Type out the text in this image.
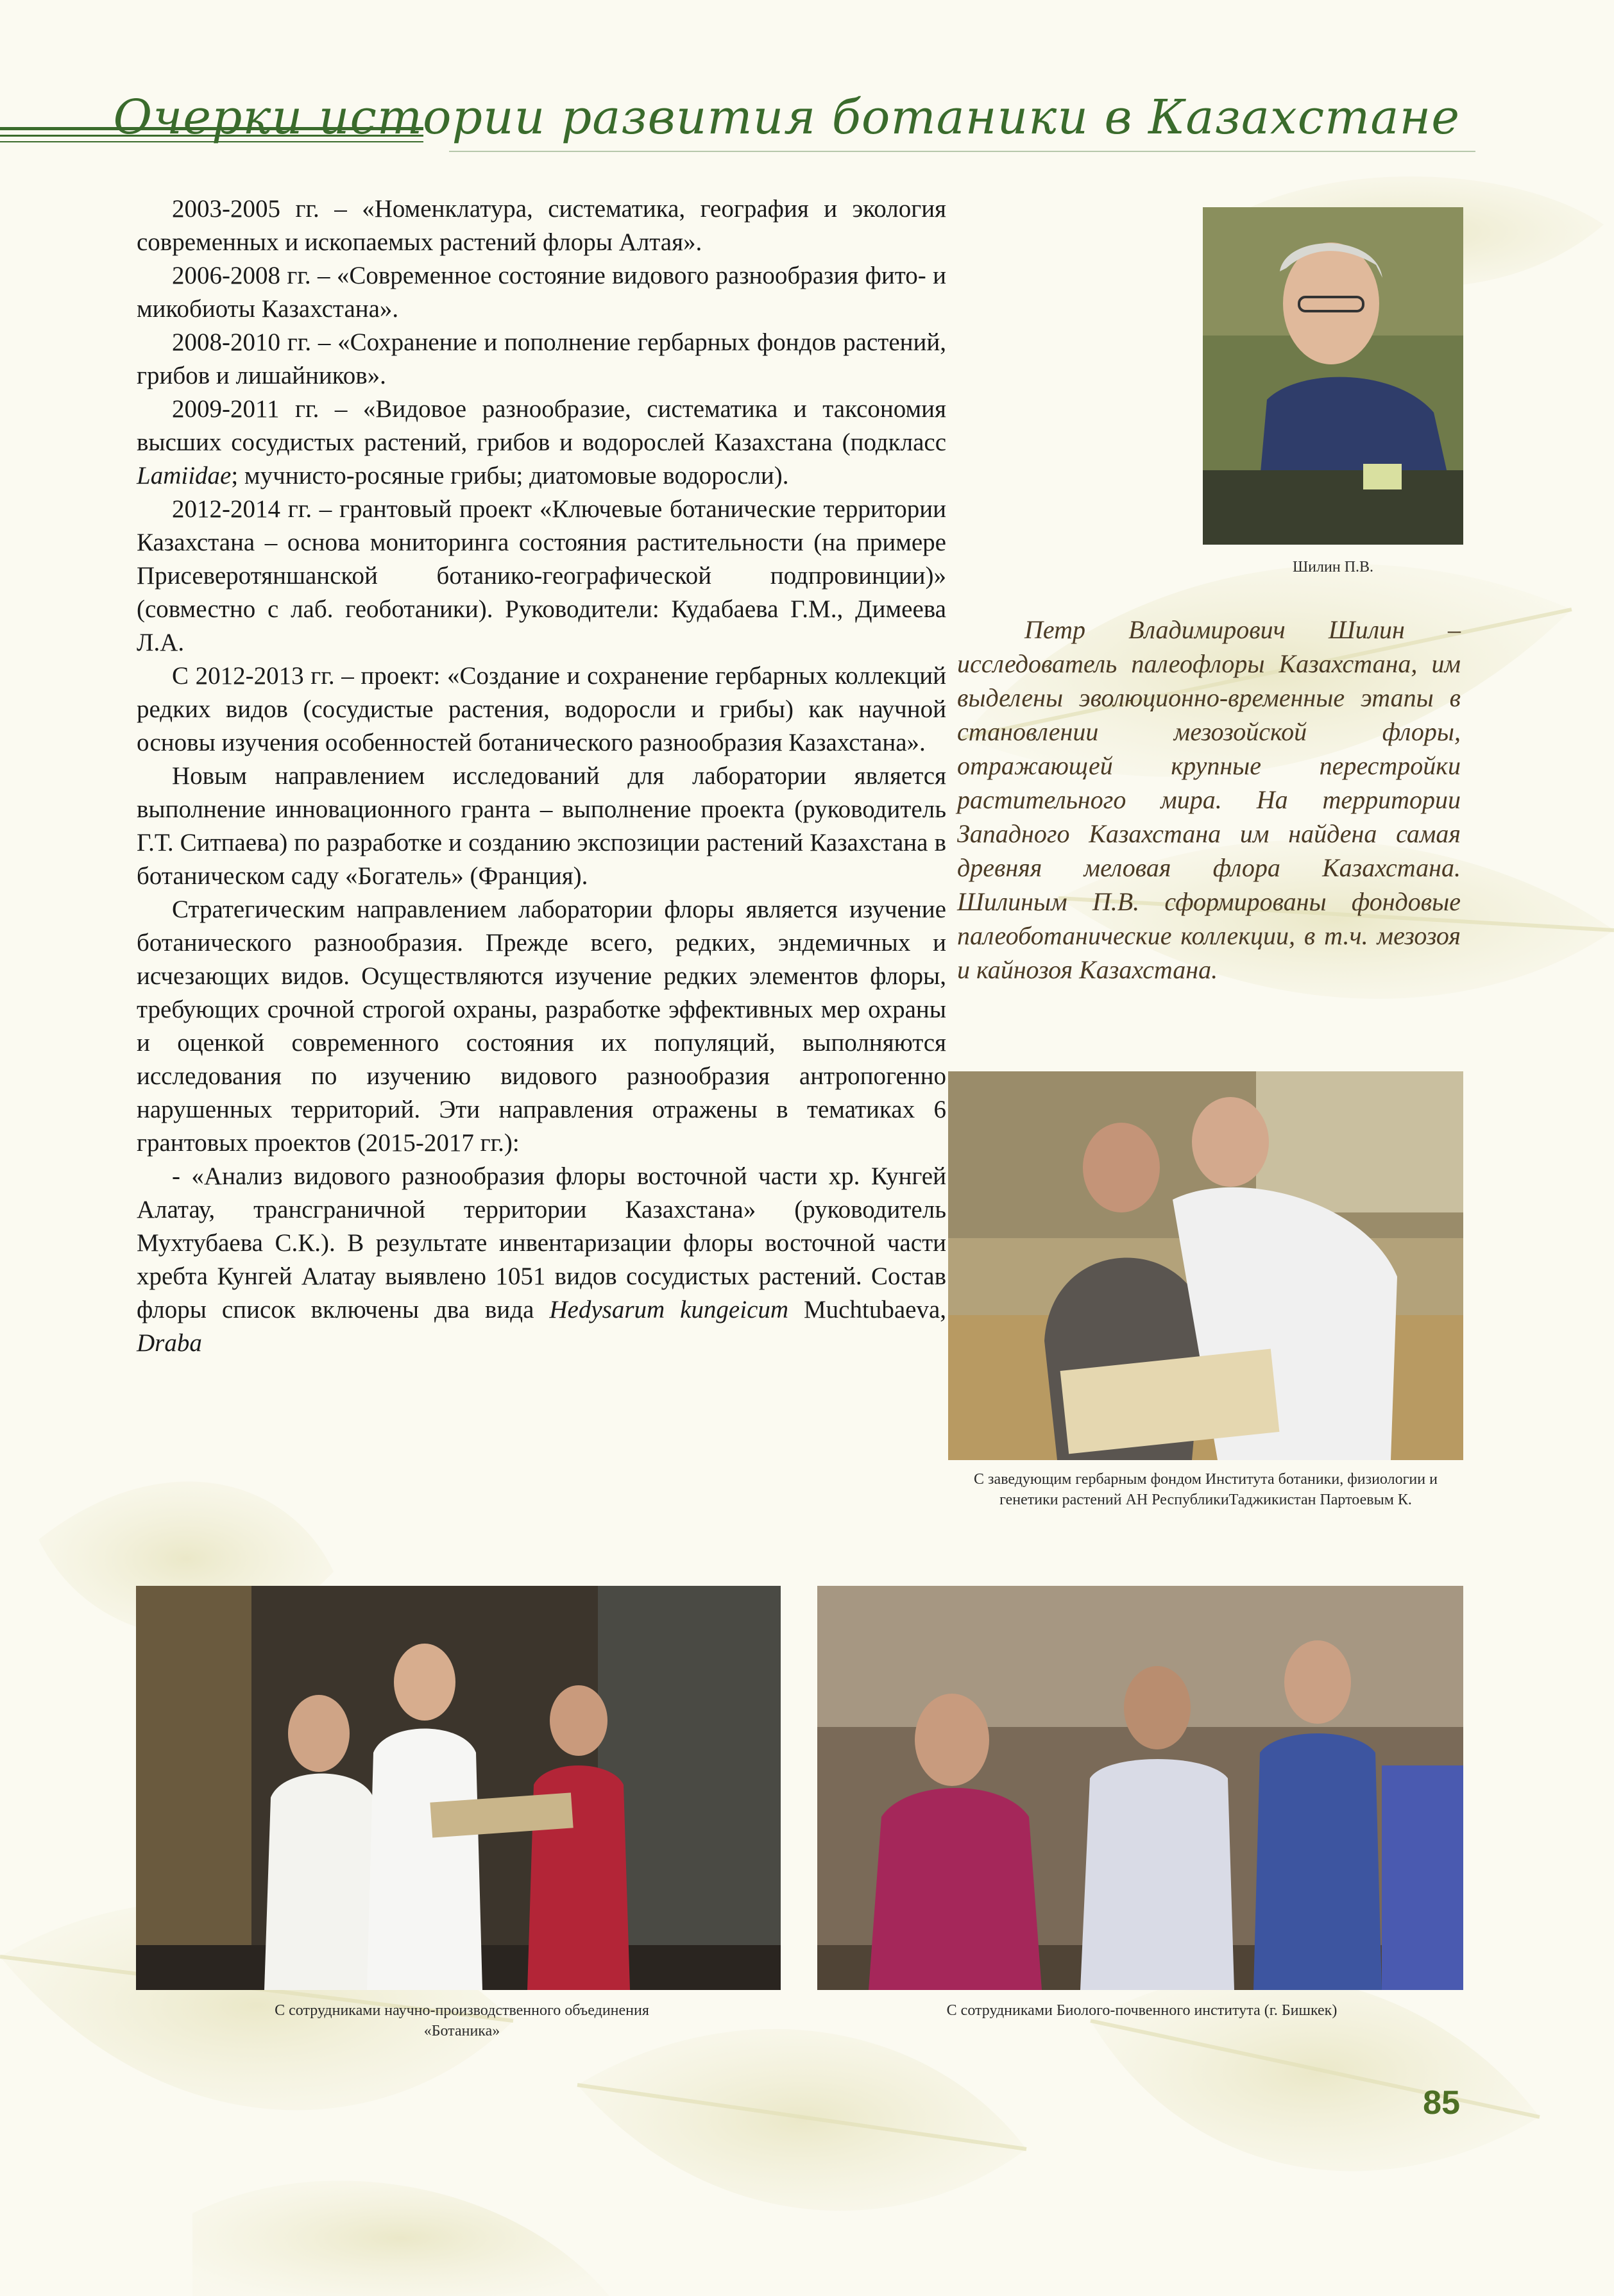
Очерки истории развития ботаники в Казахстане

2003-2005 гг. – «Номенклатура, систематика, география и экология современных и ископаемых растений флоры Алтая».

2006-2008 гг. – «Современное состояние видового разнообразия фито- и микобиоты Казахстана».

2008-2010 гг. – «Сохранение и пополнение гербарных фондов растений, грибов и лишайников».

2009-2011 гг. – «Видовое разнообразие, систематика и таксономия высших сосудистых растений, грибов и водорослей Казахстана (подкласс Lamiidae; мучнисто-росяные грибы; диатомовые водоросли).

2012-2014 гг. – грантовый проект «Ключевые ботанические территории Казахстана – основа мониторинга состояния растительности (на примере Присевеpотяншанской ботанико-географической подпровинции)» (совместно с лаб. геоботаники). Руководители: Кудабаева Г.М., Димеева Л.А.

С 2012-2013 гг. – проект: «Создание и сохранение гербарных коллекций редких видов (сосудистые растения, водоросли и грибы) как научной основы изучения особенностей ботанического разнообразия Казахстана».

Новым направлением исследований для лаборатории является выполнение инновационного гранта – выполнение проекта (руководитель Г.Т. Ситпаева) по разработке и созданию экспозиции растений Казахстана в ботаническом саду «Богатель» (Франция).

Стратегическим направлением лаборатории флоры является изучение ботанического разнообразия. Прежде всего, редких, эндемичных и исчезающих видов. Осуществляются изучение редких элементов флоры, требующих срочной строгой охраны, разработке эффективных мер охраны и оценкой современного состояния их популяций, выполняются исследования по изучению видового разнообразия антропогенно нарушенных территорий. Эти направления отражены в тематиках 6 грантовых проектов (2015-2017 гг.):

- «Анализ видового разнообразия флоры восточной части хр. Кунгей Алатау, трансграничной территории Казахстана» (руководитель Мухтубаева С.К.). В результате инвентаризации флоры восточной части хребта Кунгей Алатау выявлено 1051 видов сосудистых растений. Состав флоры список включены два вида Hedysarum kungeicum Muchtubaeva, Draba

Шилин П.В.

Петр Владимирович Шилин – исследователь палеофлоры Казахстана, им выделены эволюционно-временные этапы в становлении мезозойской флоры, отражающей крупные перестройки растительного мира. На территории Западного Казахстана им найдена самая древняя меловая флора Казахстана. Шилиным П.В. сформированы фондовые палеоботанические коллекции, в т.ч. мезозоя и кайнозоя Казахстана.

С заведующим гербарным фондом Института ботаники, физиологии и генетики растений АН РеспубликиТаджикистан Партоевым К.
С сотрудниками научно-производственного объединения «Ботаника»
С сотрудниками Биолого-почвенного института (г. Бишкек)
85
